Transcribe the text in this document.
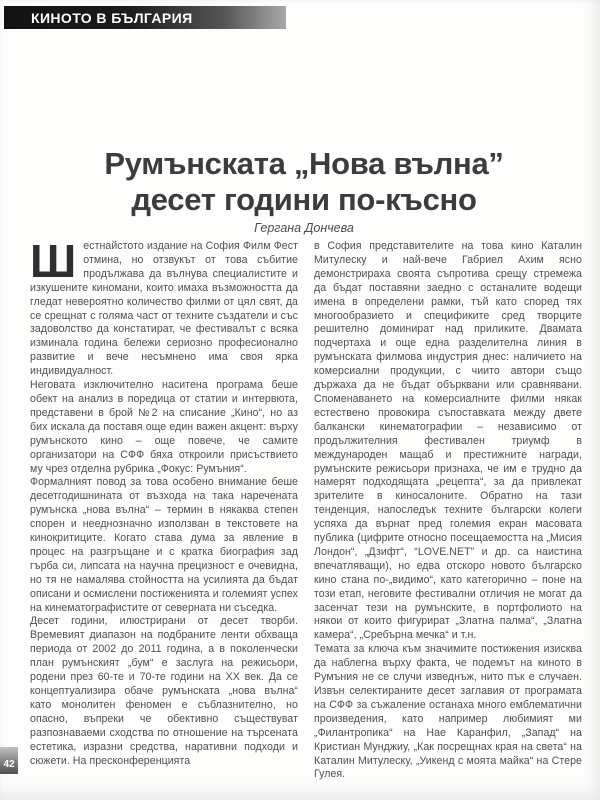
КИНОТО В БЪЛГАРИЯ
Румънската „Нова вълна”
десет години по-късно
Гергана Дончева

Шестнайстото издание на София Филм Фест отмина, но отзвукът от това събитие продължава да вълнува специалистите и изкушените киномани, които имаха възможността да гледат невероятно количество филми от цял свят, да се срещнат с голяма част от техните създатели и със задоволство да констатират, че фестивалът с всяка изминала година бележи сериозно професионално развитие и вече несъмнено има своя ярка индивидуалност.

Неговата изключително наситена програма беше обект на анализ в поредица от статии и интервюта, представени в брой №2 на списание „Кино“, но аз бих искала да поставя още един важен акцент: върху румънското кино – още повече, че самите организатори на СФФ бяха откроили присъствието му чрез отделна рубрика „Фокус: Румъния“.

Формалният повод за това особено внимание беше десетгодишнината от възхода на така наречената румънска „нова вълна“ – термин в някаква степен спорен и нееднозначно използван в текстовете на кинокритиците. Когато става дума за явление в процес на разгръщане и с кратка биография зад гърба си, липсата на научна прецизност е очевидна, но тя не намалява стойността на усилията да бъдат описани и осмислени постиженията и големият успех на кинематографистите от северната ни съседка.

Десет години, илюстрирани от десет творби. Времевият диапазон на подбраните ленти обхваща периода от 2002 до 2011 година, а в поколенчески план румънският „бум“ е заслуга на режисьори, родени през 60-те и 70-те години на ХХ век. Да се концептуализира обаче румънската „нова вълна“ като монолитен феномен е съблазнително, но опасно, въпреки че обективно съществуват разпознаваеми сходства по отношение на търсената естетика, изразни средства, наративни подходи и сюжети. На пресконференцията

в София представителите на това кино Каталин Митулеску и най-вече Габриел Ахим ясно демонстрираха своята съпротива срещу стремежа да бъдат поставяни заедно с останалите водещи имена в определени рамки, тъй като според тях многообразието и спецификите сред творците решително доминират над приликите. Двамата подчертаха и още една разделителна линия в румънската филмова индустрия днес: наличието на комерсиални продукции, с чиито автори също държаха да не бъдат обърквани или сравнявани. Споменаването на комерсиалните филми някак естествено провокира съпоставката между двете балкански кинематографии – независимо от продължителния фестивален триумф в международен мащаб и престижните награди, румънските режисьори признаха, че им е трудно да намерят подходящата „рецепта“, за да привлекат зрителите в киносалоните. Обратно на тази тенденция, напоследък техните български колеги успяха да върнат пред големия екран масовата публика (цифрите относно посещаемостта на „Мисия Лондон“, „Дзифт“, “LOVE.NET” и др. са наистина впечатляващи), но едва отскоро новото българско кино стана по-„видимо“, като категорично – поне на този етап, неговите фестивални отличия не могат да засенчат тези на румънските, в портфолиото на някои от които фигурират „Златна палма“, „Златна камера“, „Сребърна мечка“ и т.н.

Темата за ключа към значимите постижения изисква да наблегна върху факта, че подемът на киното в Румъния не се случи изведнъж, нито пък е случаен. Извън селектираните десет заглавия от програмата на СФФ за съжаление останаха много емблематични произведения, като например любимият ми „Филантропика“ на Нае Каранфил, „Запад“ на Кристиан Мунджиу, „Как посрещнах края на света“ на Каталин Митулеску, „Уикенд с моята майка“ на Стере Гулея.

42
